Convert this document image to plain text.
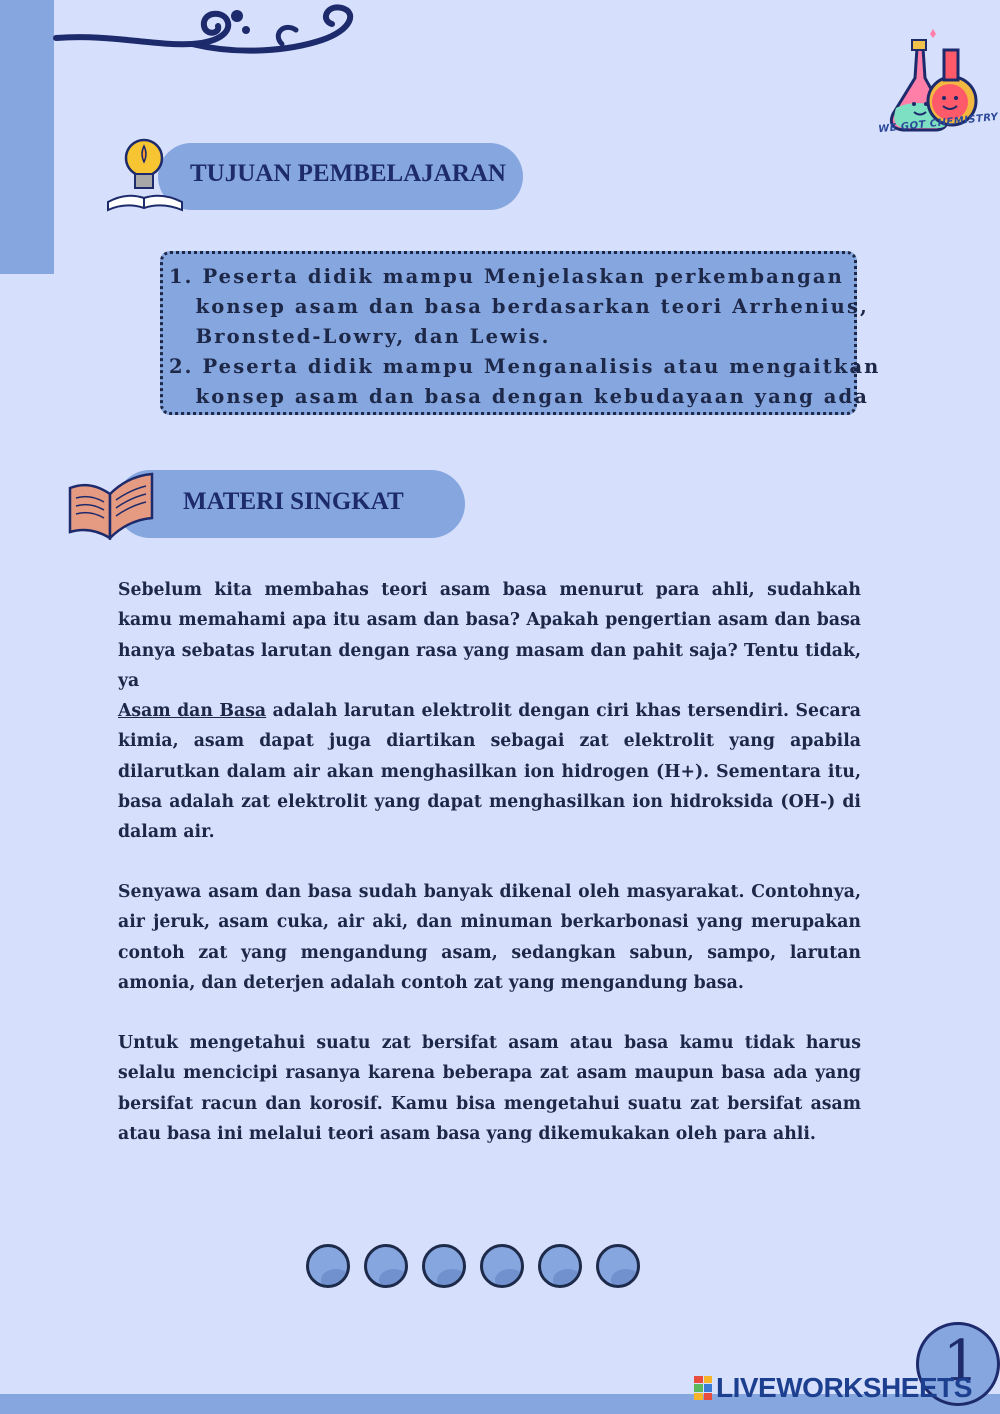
WE GOT CHEMISTRY
TUJUAN PEMBELAJARAN
1. Peserta didik mampu Menjelaskan perkembangan
konsep asam dan basa berdasarkan teori Arrhenius,
Bronsted-Lowry, dan Lewis.
2. Peserta didik mampu Menganalisis atau mengaitkan
konsep asam dan basa dengan kebudayaan yang ada
MATERI SINGKAT
Sebelum kita membahas teori asam basa menurut para ahli, sudahkah kamu memahami apa itu asam dan basa? Apakah pengertian asam dan basa hanya sebatas larutan dengan rasa yang masam dan pahit saja? Tentu tidak, ya
Asam dan Basa adalah larutan elektrolit dengan ciri khas tersendiri. Secara kimia, asam dapat juga diartikan sebagai zat elektrolit yang apabila dilarutkan dalam air akan menghasilkan ion hidrogen (H+). Sementara itu, basa adalah zat elektrolit yang dapat menghasilkan ion hidroksida (OH-) di dalam air.
Senyawa asam dan basa sudah banyak dikenal oleh masyarakat. Contohnya, air jeruk, asam cuka, air aki, dan minuman berkarbonasi yang merupakan contoh zat yang mengandung asam, sedangkan sabun, sampo, larutan amonia, dan deterjen adalah contoh zat yang mengandung basa.
Untuk mengetahui suatu zat bersifat asam atau basa kamu tidak harus selalu mencicipi rasanya karena beberapa zat asam maupun basa ada yang bersifat racun dan korosif. Kamu bisa mengetahui suatu zat bersifat asam atau basa ini melalui teori asam basa yang dikemukakan oleh para ahli.
1
LIVEWORKSHEETS
